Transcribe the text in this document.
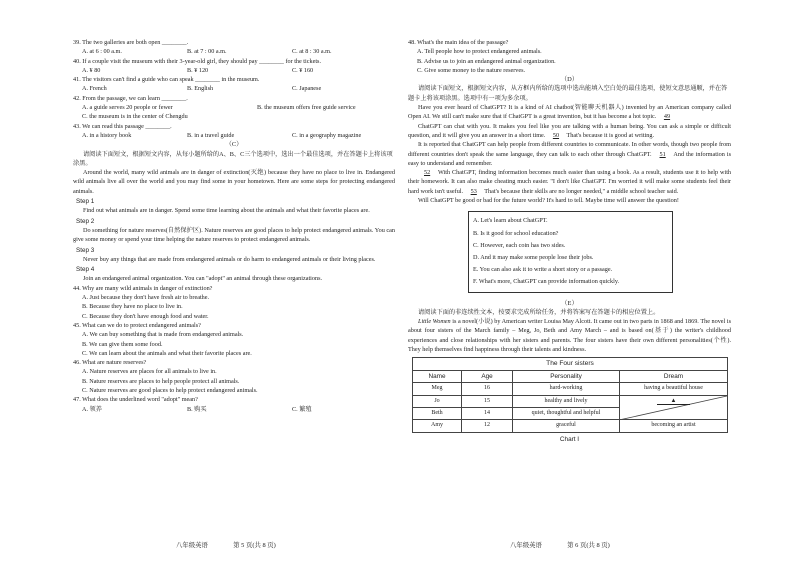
39. The two galleries are both open ________.
A. at 6 : 00 a.m.	B. at 7 : 00 a.m.	C. at 8 : 30 a.m.
40. If a couple visit the museum with their 3-year-old girl, they should pay ________ for the tickets.
A. ¥ 80	B. ¥ 120	C. ¥ 160
41. The visitors can't find a guide who can speak ________ in the museum.
A. French	B. English	C. Japanese
42. From the passage, we can learn ________.
A. a guide serves 20 people or fewer	B. the museum offers free guide service
C. the museum is in the center of Chengdu
43. We can read this passage ________.
A. in a history book	B. in a travel guide	C. in a geography magazine
（C）
请阅读下面短文，根据短文内容，从每小题所给的A、B、C三个选项中，选出一个最佳选项，并在答题卡上将该项涂黑。
Around the world, many wild animals are in danger of extinction(灭绝) because they have no place to live in. Endangered wild animals live all over the world and you may find some in your hometown. Here are some steps for protecting endangered animals.
Step 1
Find out what animals are in danger. Spend some time learning about the animals and what their favorite places are.
Step 2
Do something for nature reserves(自然保护区). Nature reserves are good places to help protect endangered animals. You can give some money or spend your time helping the nature reserves to protect endangered animals.
Step 3
Never buy any things that are made from endangered animals or do harm to endangered animals or their living places.
Step 4
Join an endangered animal organization. You can "adopt" an animal through these organizations.
44. Why are many wild animals in danger of extinction?
A. Just because they don't have fresh air to breathe.
B. Because they have no place to live in.
C. Because they don't have enough food and water.
45. What can we do to protect endangered animals?
A. We can buy something that is made from endangered animals.
B. We can give them some food.
C. We can learn about the animals and what their favorite places are.
46. What are nature reserves?
A. Nature reserves are places for all animals to live in.
B. Nature reserves are places to help people protect all animals.
C. Nature reserves are good places to help protect endangered animals.
47. What does the underlined word "adopt" mean?
A. 领养	B. 购买	C. 繁殖
八年级英语	第 5 页(共 8 页)
48. What's the main idea of the passage?
A. Tell people how to protect endangered animals.
B. Advise us to join an endangered animal organization.
C. Give some money to the nature reserves.
（D）
请阅读下面短文，根据短文内容，从方框内所给的选项中选出能填入空白处的最佳选项，使短文意思通顺，并在答题卡上将该项涂黑。选项中有一项为多余项。
Have you ever heard of ChatGPT? It is a kind of AI chatbot(智能聊天机器人) invented by an American company called Open AI. We still can't make sure that if ChatGPT is a great invention, but it has become a hot topic. 49
ChatGPT can chat with you. It makes you feel like you are talking with a human being. You can ask a simple or difficult question, and it will give you an answer in a short time. 50 That's because it is good at writing.
It is reported that ChatGPT can help people from different countries to communicate. In other words, though two people from different countries don't speak the same language, they can talk to each other through ChatGPT. 51 And the information is easy to understand and remember.
52 With ChatGPT, finding information becomes much easier than using a book. As a result, students use it to help with their homework. It can also make cheating much easier. "I don't like ChatGPT. I'm worried it will make some students feel their hard work isn't useful. 53 That's because their skills are no longer needed," a middle school teacher said.
Will ChatGPT be good or bad for the future world? It's hard to tell. Maybe time will answer the question!
A. Let's learn about ChatGPT.
B. Is it good for school education?
C. However, each coin has two sides.
D. And it may make some people lose their jobs.
E. You can also ask it to write a short story or a passage.
F. What's more, ChatGPT can provide information quickly.
（E）
请阅读下面的非连续性文本，按要求完成所给任务，并将答案写在答题卡的相应位置上。
Little Women is a novel(小说) by American writer Louisa May Alcott. It came out in two parts in 1868 and 1869. The novel is about four sisters of the March family – Meg, Jo, Beth and Amy March – and is based on(基于) the writer's childhood experiences and close relationships with her sisters and parents. The four sisters have their own different personalities(个性). They help themselves find happiness through their talents and kindness.
The Four sisters			
Name	Age	Personality	Dream
Meg	16	hard-working	having a beautiful house
Jo	15	healthy and lively	▲

Beth	14	quiet, thoughtful and helpful	
Amy	12	graceful	becoming an artist
Chart I
八年级英语	第 6 页(共 8 页)
